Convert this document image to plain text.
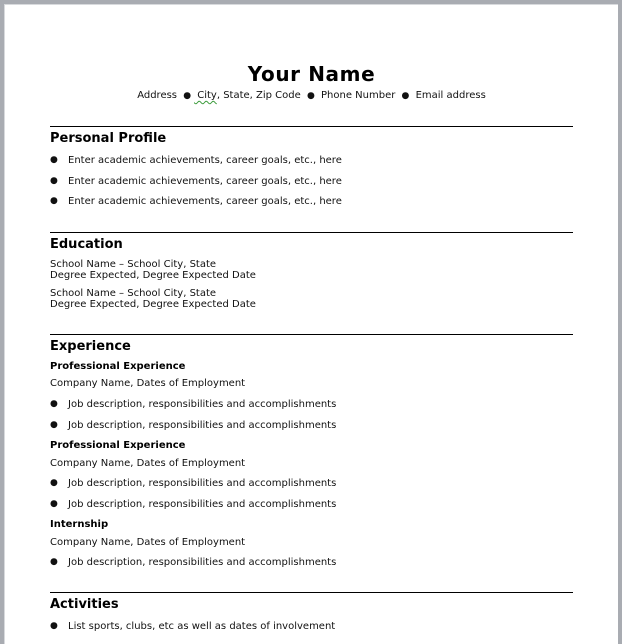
Your Name
Address ● City, State, Zip Code ● Phone Number ● Email address
Personal Profile
● Enter academic achievements, career goals, etc., here
● Enter academic achievements, career goals, etc., here
● Enter academic achievements, career goals, etc., here
Education
School Name – School City, State
Degree Expected, Degree Expected Date
School Name – School City, State
Degree Expected, Degree Expected Date
Experience
Professional Experience
Company Name, Dates of Employment
● Job description, responsibilities and accomplishments
● Job description, responsibilities and accomplishments
Professional Experience
Company Name, Dates of Employment
● Job description, responsibilities and accomplishments
● Job description, responsibilities and accomplishments
Internship
Company Name, Dates of Employment
● Job description, responsibilities and accomplishments
Activities
● List sports, clubs, etc as well as dates of involvement
